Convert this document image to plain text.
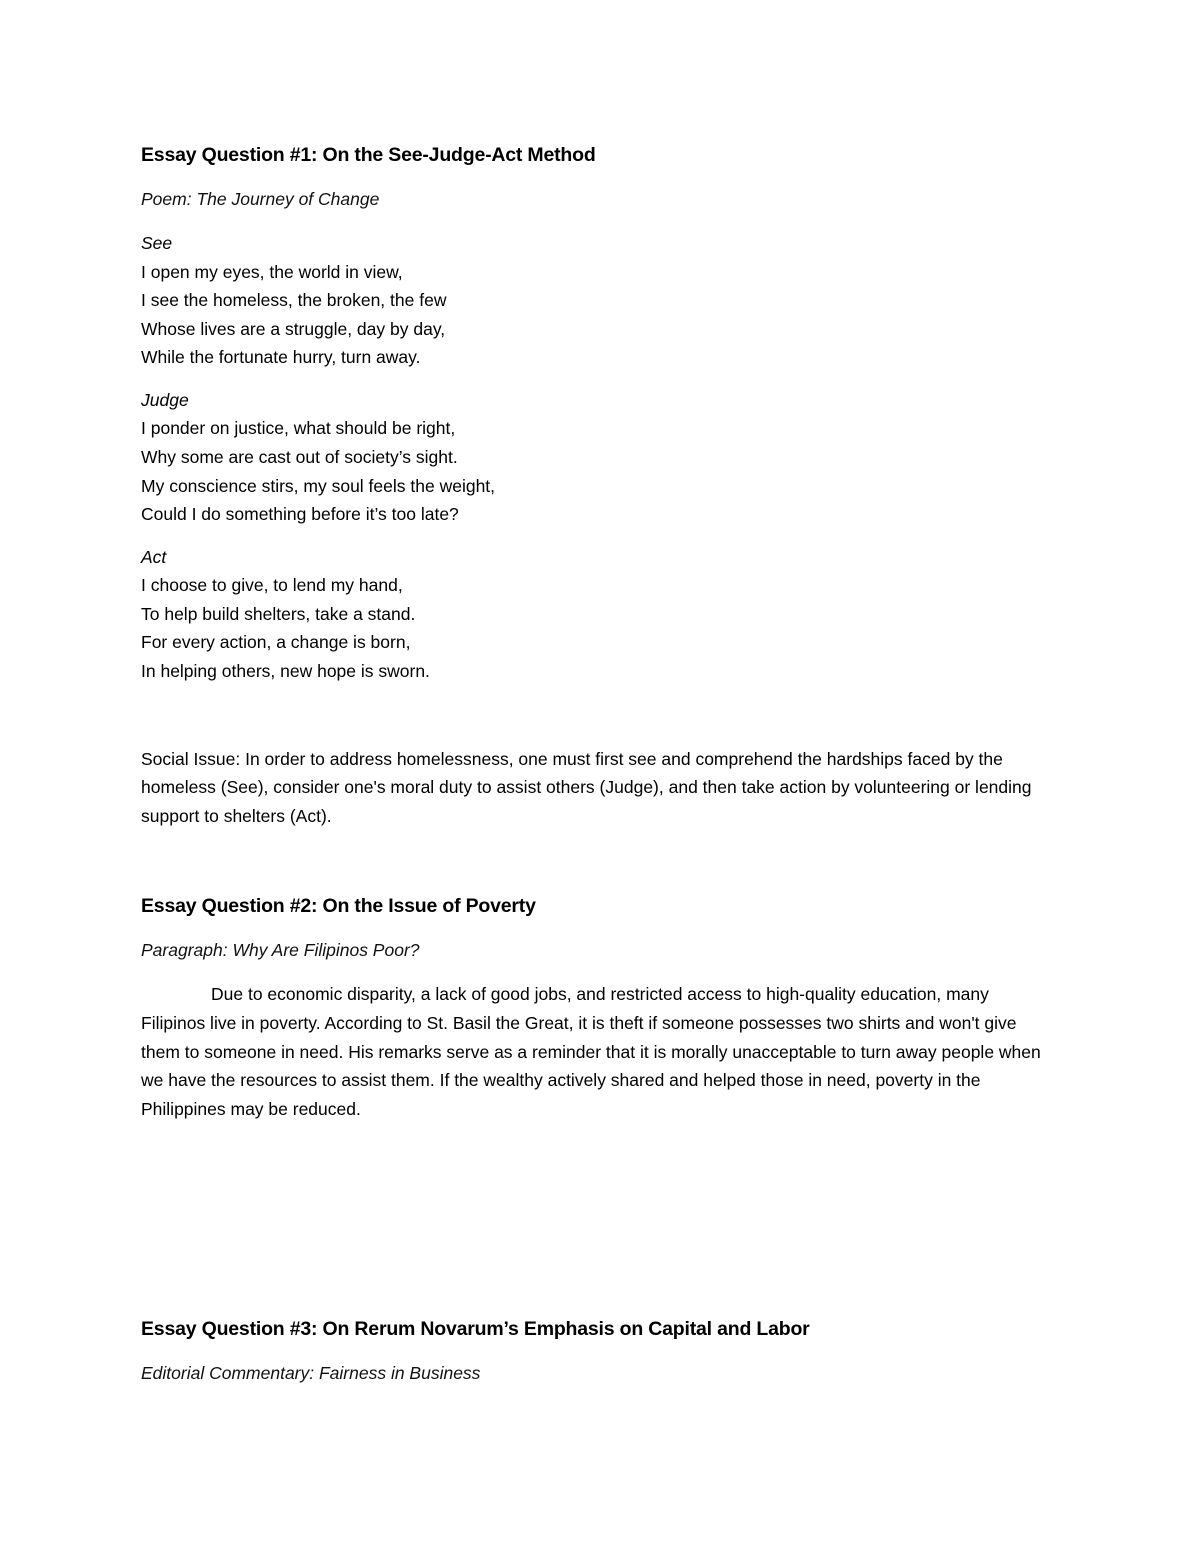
Essay Question #1: On the See-Judge-Act Method

Poem: The Journey of Change

See

I open my eyes, the world in view,

I see the homeless, the broken, the few

Whose lives are a struggle, day by day,

While the fortunate hurry, turn away.

Judge

I ponder on justice, what should be right,

Why some are cast out of society’s sight.

My conscience stirs, my soul feels the weight,

Could I do something before it’s too late?

Act

I choose to give, to lend my hand,

To help build shelters, take a stand.

For every action, a change is born,

In helping others, new hope is sworn.

Social Issue: In order to address homelessness, one must first see and comprehend the hardships faced by the homeless (See), consider one's moral duty to assist others (Judge), and then take action by volunteering or lending support to shelters (Act).

Essay Question #2: On the Issue of Poverty

Paragraph: Why Are Filipinos Poor?

Due to economic disparity, a lack of good jobs, and restricted access to high-quality education, many Filipinos live in poverty. According to St. Basil the Great, it is theft if someone possesses two shirts and won't give them to someone in need. His remarks serve as a reminder that it is morally unacceptable to turn away people when we have the resources to assist them. If the wealthy actively shared and helped those in need, poverty in the Philippines may be reduced.

Essay Question #3: On Rerum Novarum’s Emphasis on Capital and Labor

Editorial Commentary: Fairness in Business
